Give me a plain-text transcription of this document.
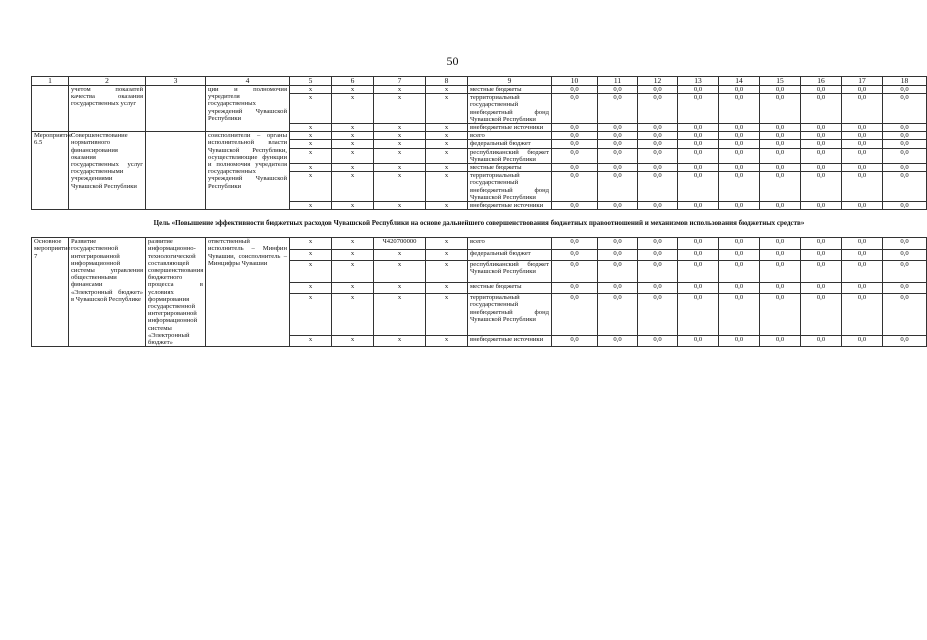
50
1	2	3	4	5	6	7	8	9	10	11	12	13	14	15	16	17	18
	учетом показатей качества оказания государственных услуг		ции и полномочия учредителя государственных учреждений Чувашской Республики	x	x	x	x	местные бюджеты	0,0	0,0	0,0	0,0	0,0	0,0	0,0	0,0	0,0
				x	x	x	x	территориальный государственный внебюджетный фонд Чувашской Республики	0,0	0,0	0,0	0,0	0,0	0,0	0,0	0,0	0,0
				x	x	x	x	внебюджетные источники	0,0	0,0	0,0	0,0	0,0	0,0	0,0	0,0	0,0
Мероприятие 6.5	Совершенствование нормативного финансирования оказания государственных услуг государственными учреждениями Чувашской Республики		соисполнители – органы исполнительной власти Чувашской Республики, осуществляющие функции и полномочия учредителя государственных учреждений Чувашской Республики	x	x	x	x	всего	0,0	0,0	0,0	0,0	0,0	0,0	0,0	0,0	0,0
				x	x	x	x	федеральный бюджет	0,0	0,0	0,0	0,0	0,0	0,0	0,0	0,0	0,0
				x	x	x	x	республиканский бюджет Чувашской Республики	0,0	0,0	0,0	0,0	0,0	0,0	0,0	0,0	0,0
				x	x	x	x	местные бюджеты	0,0	0,0	0,0	0,0	0,0	0,0	0,0	0,0	0,0
				x	x	x	x	территориальный государственный внебюджетный фонд Чувашской Республики	0,0	0,0	0,0	0,0	0,0	0,0	0,0	0,0	0,0
				x	x	x	x	внебюджетные источники	0,0	0,0	0,0	0,0	0,0	0,0	0,0	0,0	0,0
Цель «Повышение эффективности бюджетных расходов Чувашской Республики на основе дальнейшего совершенствования бюджетных правоотношений и механизмов использования бюджетных средств»																	
Основное мероприятие 7	Развитие государственной интегрированной информационной системы управления общественными финансами «Электронный бюджет» в Чувашской Республике	развитие информационно-технологической составляющей совершенствования бюджетного процесса в условиях формирования государственной интегрированной информационной системы «Электронный бюджет»	ответственный исполнитель – Минфин Чувашии, соисполнитель – Минцифры Чувашии	x	x	Ч420700000	x	всего	0,0	0,0	0,0	0,0	0,0	0,0	0,0	0,0	0,0
				x	x	x	x	федеральный бюджет	0,0	0,0	0,0	0,0	0,0	0,0	0,0	0,0	0,0
				x	x	x	x	республиканский бюджет Чувашской Республики	0,0	0,0	0,0	0,0	0,0	0,0	0,0	0,0	0,0
				x	x	x	x	местные бюджеты	0,0	0,0	0,0	0,0	0,0	0,0	0,0	0,0	0,0
				x	x	x	x	территориальный государственный внебюджетный фонд Чувашской Республики	0,0	0,0	0,0	0,0	0,0	0,0	0,0	0,0	0,0
				x	x	x	x	внебюджетные источники	0,0	0,0	0,0	0,0	0,0	0,0	0,0	0,0	0,0
